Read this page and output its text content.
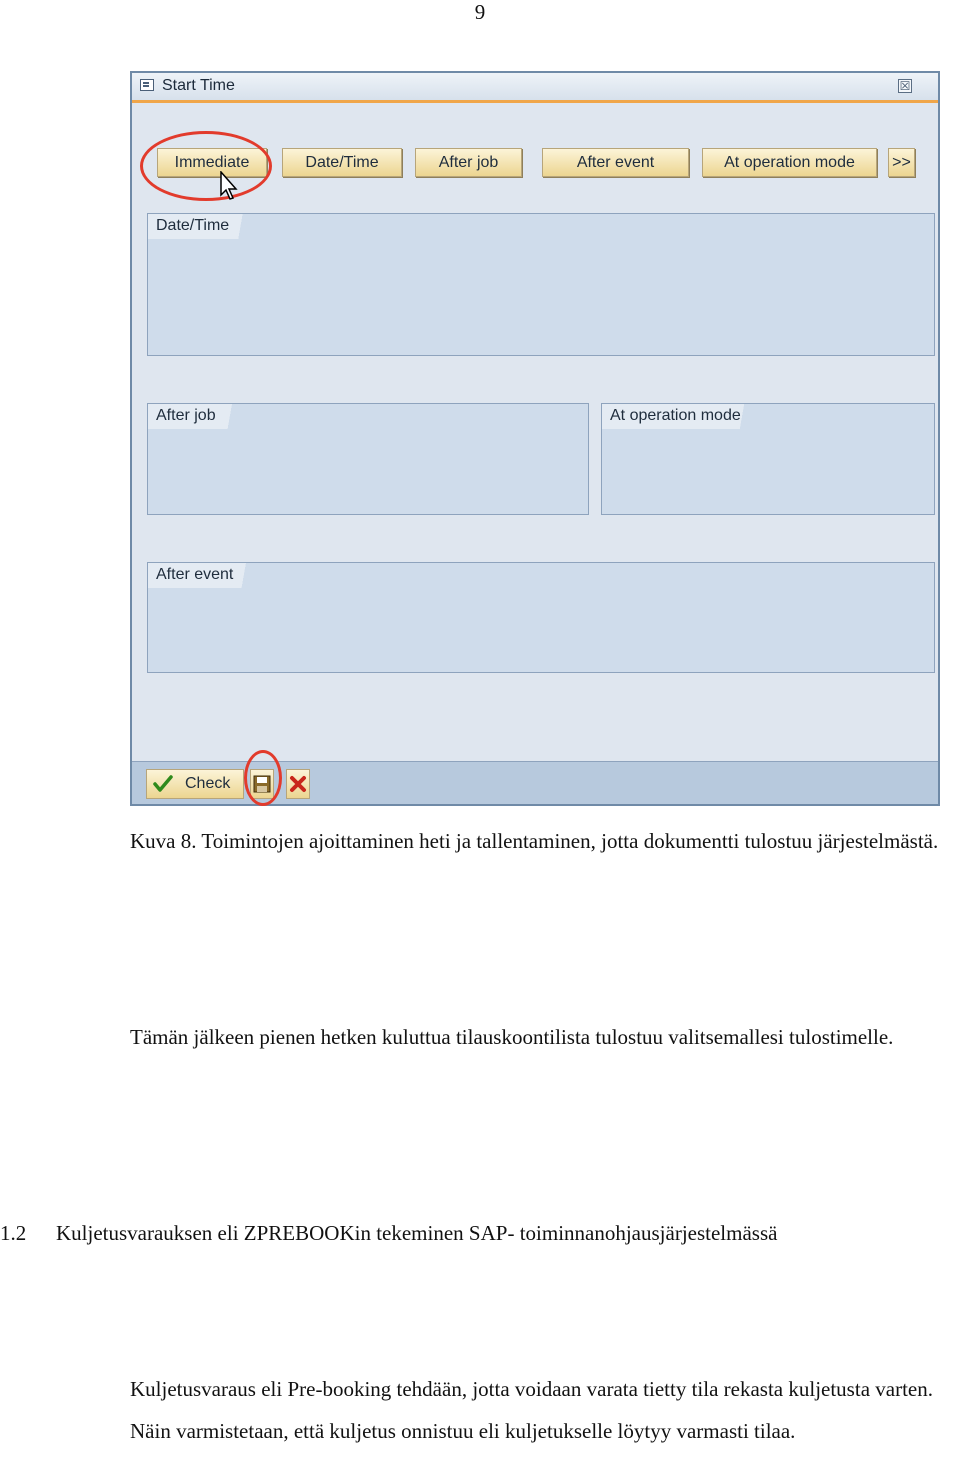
9
Start Time	☒
Immediate	Date/Time	After job	After event	At operation mode	>>
Date/Time
After job	At operation mode
After event
Check

Kuva 8. Toimintojen ajoittaminen heti ja tallentaminen, jotta dokumentti tulostuu järjestelmästä.

Tämän jälkeen pienen hetken kuluttua tilauskoontilista tulostuu valitsemallesi tulostimelle.

1.2 Kuljetusvarauksen eli ZPREBOOKin tekeminen SAP- toiminnanohjausjärjestelmässä

Kuljetusvaraus eli Pre-booking tehdään, jotta voidaan varata tietty tila rekasta kuljetusta varten. Näin varmistetaan, että kuljetus onnistuu eli kuljetukselle löytyy varmasti tilaa.
